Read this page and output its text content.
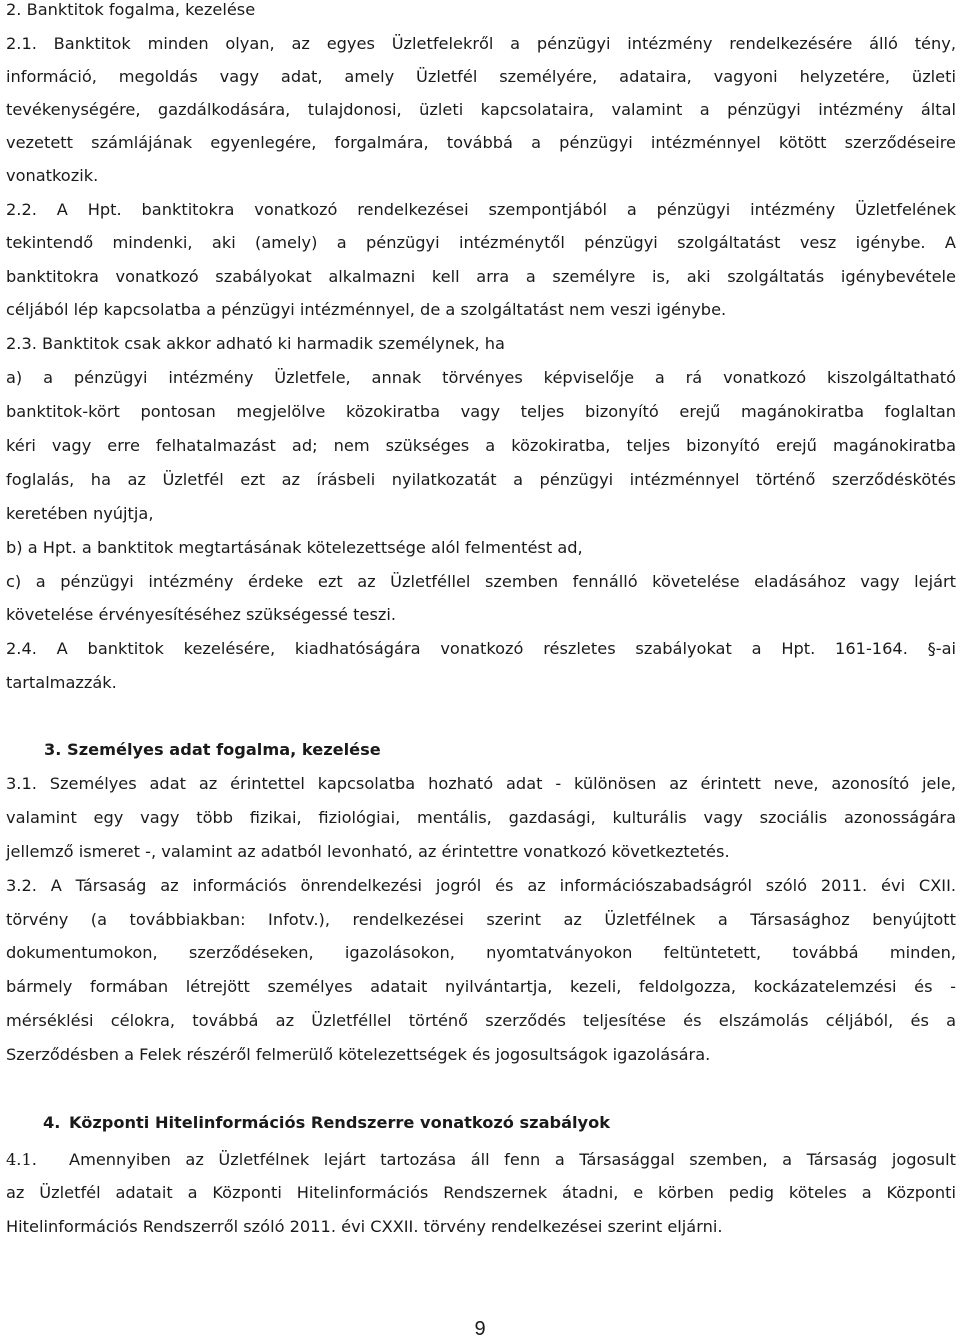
2. Banktitok fogalma, kezelése
2.1. Banktitok minden olyan, az egyes Üzletfelekről a pénzügyi intézmény rendelkezésére álló tény,
információ, megoldás vagy adat, amely Üzletfél személyére, adataira, vagyoni helyzetére, üzleti
tevékenységére, gazdálkodására, tulajdonosi, üzleti kapcsolataira, valamint a pénzügyi intézmény által
vezetett számlájának egyenlegére, forgalmára, továbbá a pénzügyi intézménnyel kötött szerződéseire
vonatkozik.
2.2. A Hpt. banktitokra vonatkozó rendelkezései szempontjából a pénzügyi intézmény Üzletfelének
tekintendő mindenki, aki (amely) a pénzügyi intézménytől pénzügyi szolgáltatást vesz igénybe. A
banktitokra vonatkozó szabályokat alkalmazni kell arra a személyre is, aki szolgáltatás igénybevétele
céljából lép kapcsolatba a pénzügyi intézménnyel, de a szolgáltatást nem veszi igénybe.
2.3. Banktitok csak akkor adható ki harmadik személynek, ha
a) a pénzügyi intézmény Üzletfele, annak törvényes képviselője a rá vonatkozó kiszolgáltatható
banktitok-kört pontosan megjelölve közokiratba vagy teljes bizonyító erejű magánokiratba foglaltan
kéri vagy erre felhatalmazást ad; nem szükséges a közokiratba, teljes bizonyító erejű magánokiratba
foglalás, ha az Üzletfél ezt az írásbeli nyilatkozatát a pénzügyi intézménnyel történő szerződéskötés
keretében nyújtja,
b) a Hpt. a banktitok megtartásának kötelezettsége alól felmentést ad,
c) a pénzügyi intézmény érdeke ezt az Üzletféllel szemben fennálló követelése eladásához vagy lejárt
követelése érvényesítéséhez szükségessé teszi.
2.4. A banktitok kezelésére, kiadhatóságára vonatkozó részletes szabályokat a Hpt. 161-164. §-ai
tartalmazzák.
3. Személyes adat fogalma, kezelése
3.1. Személyes adat az érintettel kapcsolatba hozható adat - különösen az érintett neve, azonosító jele,
valamint egy vagy több fizikai, fiziológiai, mentális, gazdasági, kulturális vagy szociális azonosságára
jellemző ismeret -, valamint az adatból levonható, az érintettre vonatkozó következtetés.
3.2. A Társaság az információs önrendelkezési jogról és az információszabadságról szóló 2011. évi CXII.
törvény (a továbbiakban: Infotv.), rendelkezései szerint az Üzletfélnek a Társasághoz benyújtott
dokumentumokon, szerződéseken, igazolásokon, nyomtatványokon feltüntetett, továbbá minden,
bármely formában létrejött személyes adatait nyilvántartja, kezeli, feldolgozza, kockázatelemzési és -
mérséklési célokra, továbbá az Üzletféllel történő szerződés teljesítése és elszámolás céljából, és a
Szerződésben a Felek részéről felmerülő kötelezettségek és jogosultságok igazolására.
4. Központi Hitelinformációs Rendszerre vonatkozó szabályok
4.1. Amennyiben az Üzletfélnek lejárt tartozása áll fenn a Társasággal szemben, a Társaság jogosult
az Üzletfél adatait a Központi Hitelinformációs Rendszernek átadni, e körben pedig köteles a Központi
Hitelinformációs Rendszerről szóló 2011. évi CXXII. törvény rendelkezései szerint eljárni.
9
